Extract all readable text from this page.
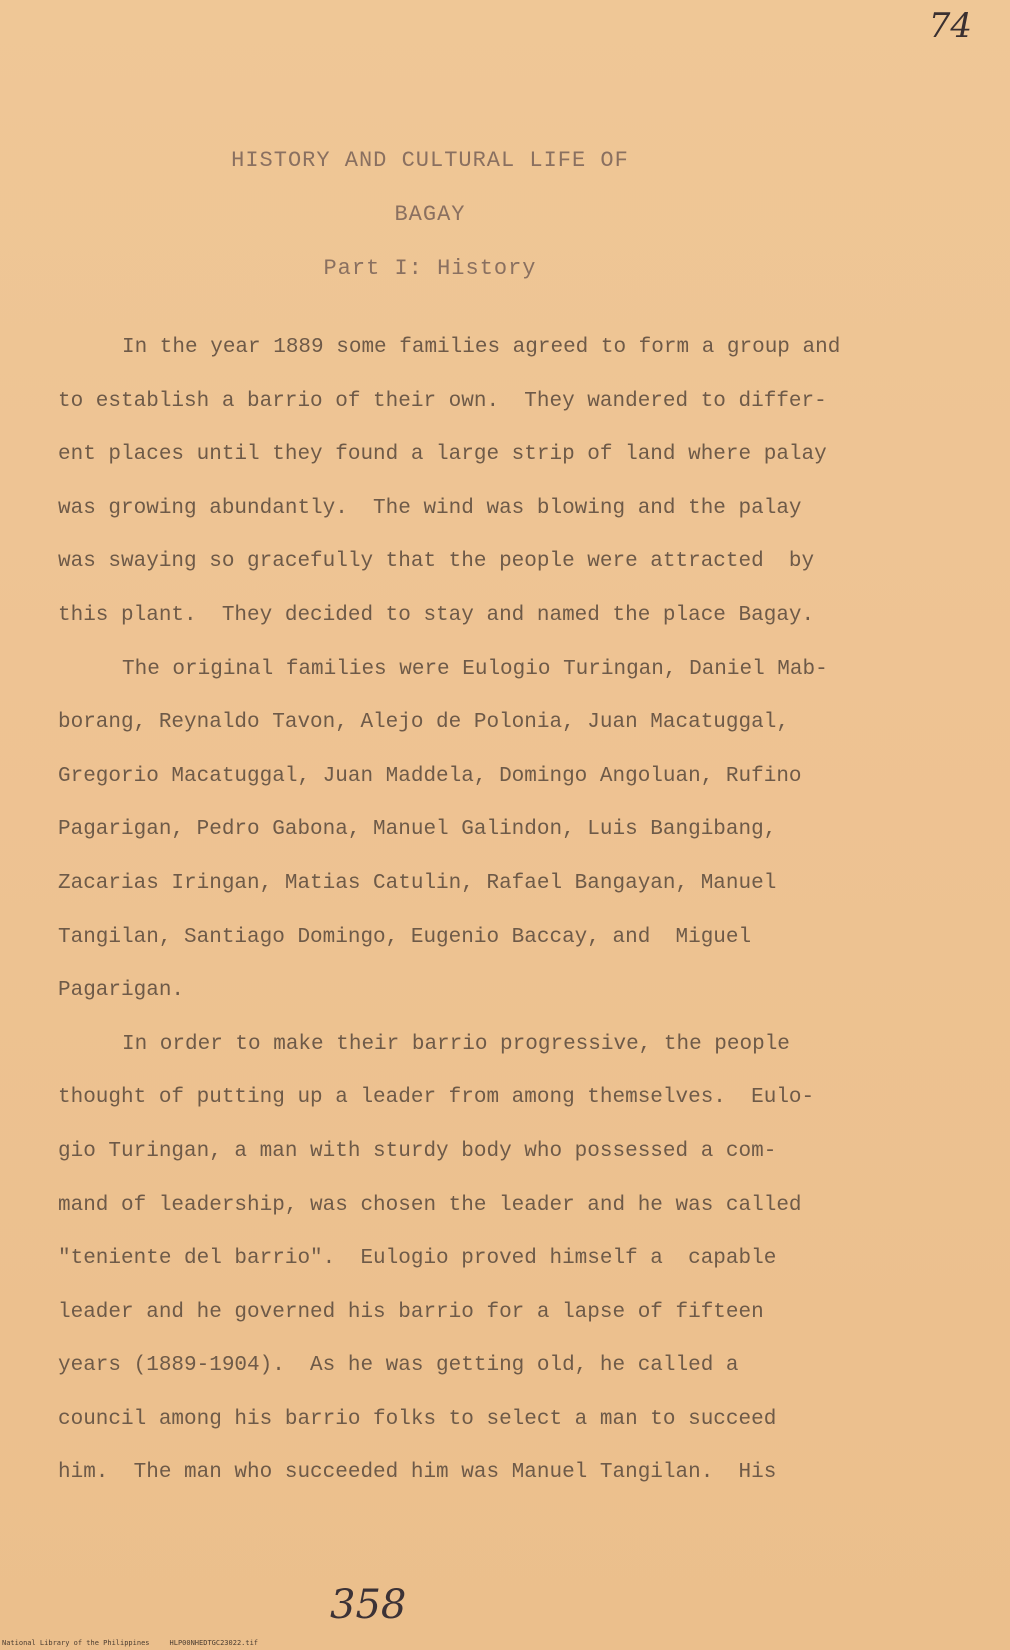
74
HISTORY AND CULTURAL LIFE OF
BAGAY
Part I: History
In the year 1889 some families agreed to form a group and
to establish a barrio of their own.  They wandered to differ-
ent places until they found a large strip of land where palay
was growing abundantly.  The wind was blowing and the palay
was swaying so gracefully that the people were attracted  by
this plant.  They decided to stay and named the place Bagay.
The original families were Eulogio Turingan, Daniel Mab-
borang, Reynaldo Tavon, Alejo de Polonia, Juan Macatuggal,
Gregorio Macatuggal, Juan Maddela, Domingo Angoluan, Rufino
Pagarigan, Pedro Gabona, Manuel Galindon, Luis Bangibang,
Zacarias Iringan, Matias Catulin, Rafael Bangayan, Manuel
Tangilan, Santiago Domingo, Eugenio Baccay, and  Miguel
Pagarigan.
In order to make their barrio progressive, the people
thought of putting up a leader from among themselves.  Eulo-
gio Turingan, a man with sturdy body who possessed a com-
mand of leadership, was chosen the leader and he was called
"teniente del barrio".  Eulogio proved himself a  capable
leader and he governed his barrio for a lapse of fifteen
years (1889-1904).  As he was getting old, he called a
council among his barrio folks to select a man to succeed
him.  The man who succeeded him was Manuel Tangilan.  His
358
National Library of the Philippines	HLP00NHEDTGC23022.tif
